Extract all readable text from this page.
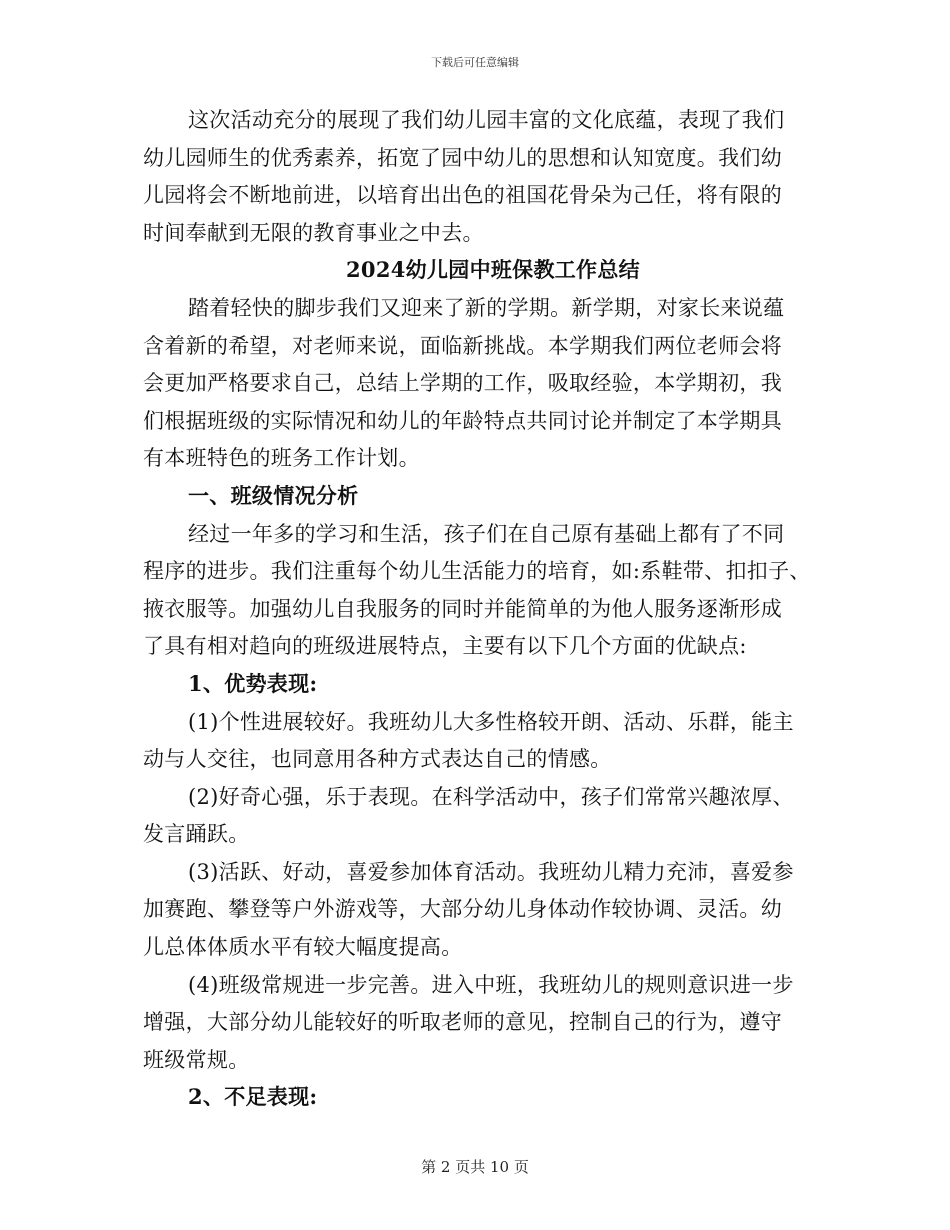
下载后可任意编辑
这次活动充分的展现了我们幼儿园丰富的文化底蕴，表现了我们
幼儿园师生的优秀素养，拓宽了园中幼儿的思想和认知宽度。我们幼
儿园将会不断地前进，以培育出出色的祖国花骨朵为己任，将有限的
时间奉献到无限的教育事业之中去。
2024幼儿园中班保教工作总结
踏着轻快的脚步我们又迎来了新的学期。新学期，对家长来说蕴
含着新的希望，对老师来说，面临新挑战。本学期我们两位老师会将
会更加严格要求自己，总结上学期的工作，吸取经验，本学期初，我
们根据班级的实际情况和幼儿的年龄特点共同讨论并制定了本学期具
有本班特色的班务工作计划。
一、班级情况分析
经过一年多的学习和生活，孩子们在自己原有基础上都有了不同
程序的进步。我们注重每个幼儿生活能力的培育，如:系鞋带、扣扣子、
掖衣服等。加强幼儿自我服务的同时并能简单的为他人服务逐渐形成
了具有相对趋向的班级进展特点，主要有以下几个方面的优缺点:
1、优势表现:
(1)个性进展较好。我班幼儿大多性格较开朗、活动、乐群，能主
动与人交往，也同意用各种方式表达自己的情感。
(2)好奇心强，乐于表现。在科学活动中，孩子们常常兴趣浓厚、
发言踊跃。
(3)活跃、好动，喜爱参加体育活动。我班幼儿精力充沛，喜爱参
加赛跑、攀登等户外游戏等，大部分幼儿身体动作较协调、灵活。幼
儿总体体质水平有较大幅度提高。
(4)班级常规进一步完善。进入中班，我班幼儿的规则意识进一步
增强，大部分幼儿能较好的听取老师的意见，控制自己的行为，遵守
班级常规。
2、不足表现:
第 2 页共 10 页
